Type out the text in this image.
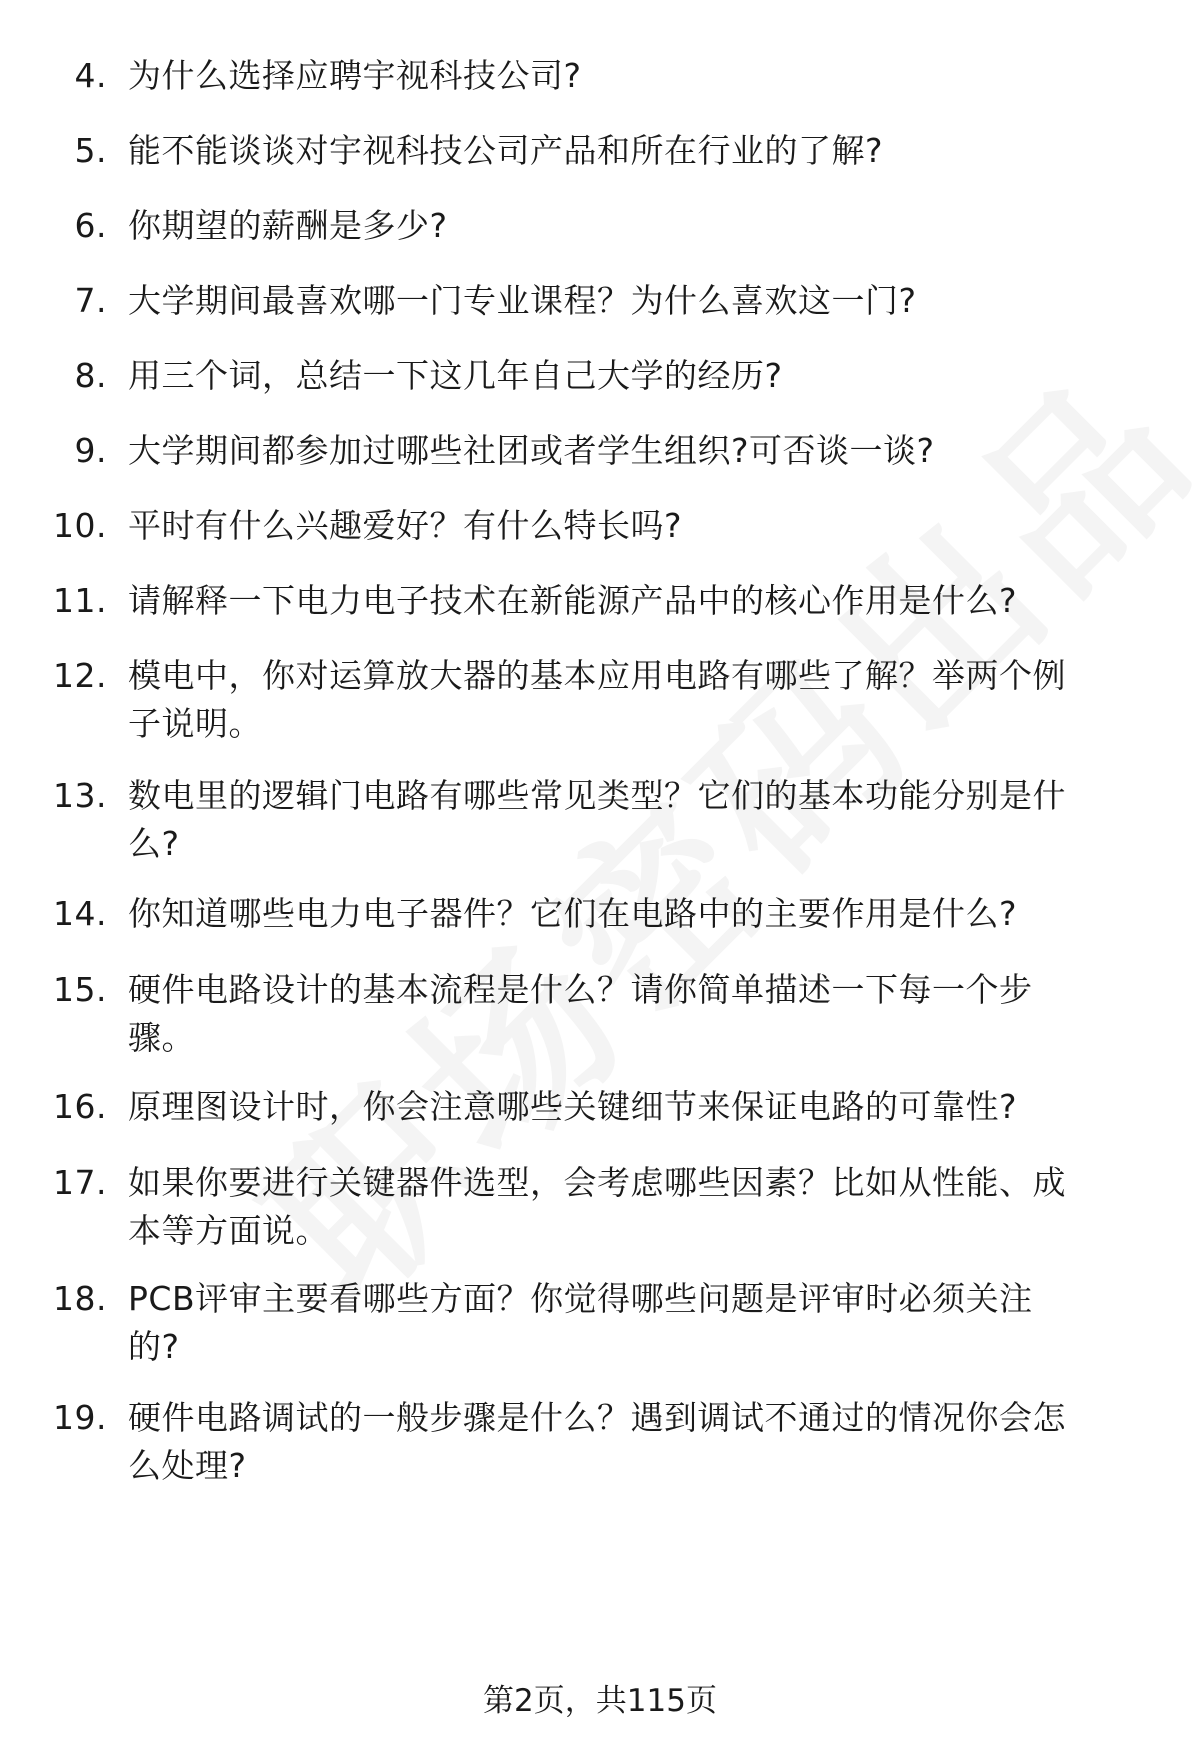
4. 为什么选择应聘宇视科技公司?
5. 能不能谈谈对宇视科技公司产品和所在行业的了解?
6. 你期望的薪酬是多少?
7. 大学期间最喜欢哪一门专业课程？为什么喜欢这一门?
8. 用三个词，总结一下这几年自己大学的经历?
9. 大学期间都参加过哪些社团或者学生组织?可否谈一谈?
10. 平时有什么兴趣爱好？有什么特长吗?
11. 请解释一下电力电子技术在新能源产品中的核心作用是什么?
12. 模电中，你对运算放大器的基本应用电路有哪些了解？举两个例
子说明。
13. 数电里的逻辑门电路有哪些常见类型？它们的基本功能分别是什
么?
14. 你知道哪些电力电子器件？它们在电路中的主要作用是什么?
15. 硬件电路设计的基本流程是什么？请你简单描述一下每一个步
骤。
16. 原理图设计时，你会注意哪些关键细节来保证电路的可靠性?
17. 如果你要进行关键器件选型，会考虑哪些因素？比如从性能、成
本等方面说。
18. PCB评审主要看哪些方面？你觉得哪些问题是评审时必须关注
的?
19. 硬件电路调试的一般步骤是什么？遇到调试不通过的情况你会怎
么处理?
第2页，共115页
